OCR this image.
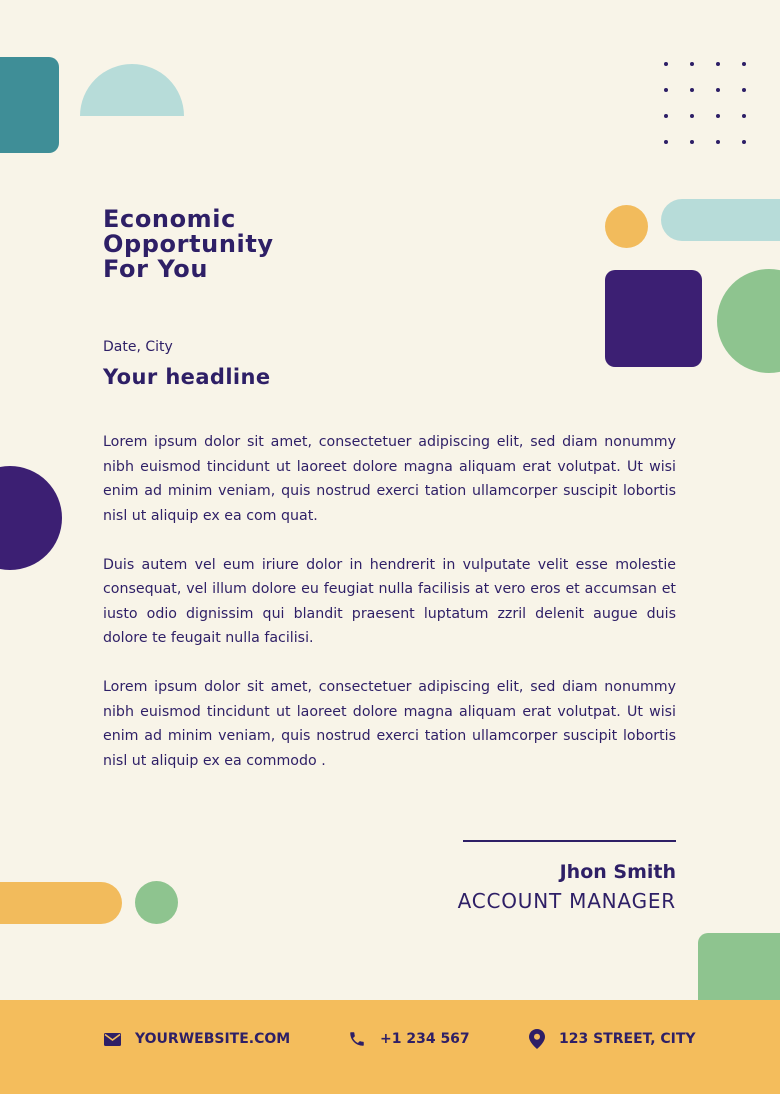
Economic
Opportunity
For You
Date, City
Your headline

Lorem ipsum dolor sit amet, consectetuer adipiscing elit, sed diam nonummy nibh euismod tincidunt ut laoreet dolore magna aliquam erat volutpat. Ut wisi enim ad minim veniam, quis nostrud exerci tation ullamcorper suscipit lobortis nisl ut aliquip ex ea com quat.

Duis autem vel eum iriure dolor in hendrerit in vulputate velit esse molestie consequat, vel illum dolore eu feugiat nulla facilisis at vero eros et accumsan et iusto odio dignissim qui blandit praesent luptatum zzril delenit augue duis dolore te feugait nulla facilisi.

Lorem ipsum dolor sit amet, consectetuer adipiscing elit, sed diam nonummy nibh euismod tincidunt ut laoreet dolore magna aliquam erat volutpat. Ut wisi enim ad minim veniam, quis nostrud exerci tation ullamcorper suscipit lobortis nisl ut aliquip ex ea commodo .

Jhon Smith
ACCOUNT MANAGER
YOURWEBSITE.COM	+1 234 567	123 STREET, CITY
